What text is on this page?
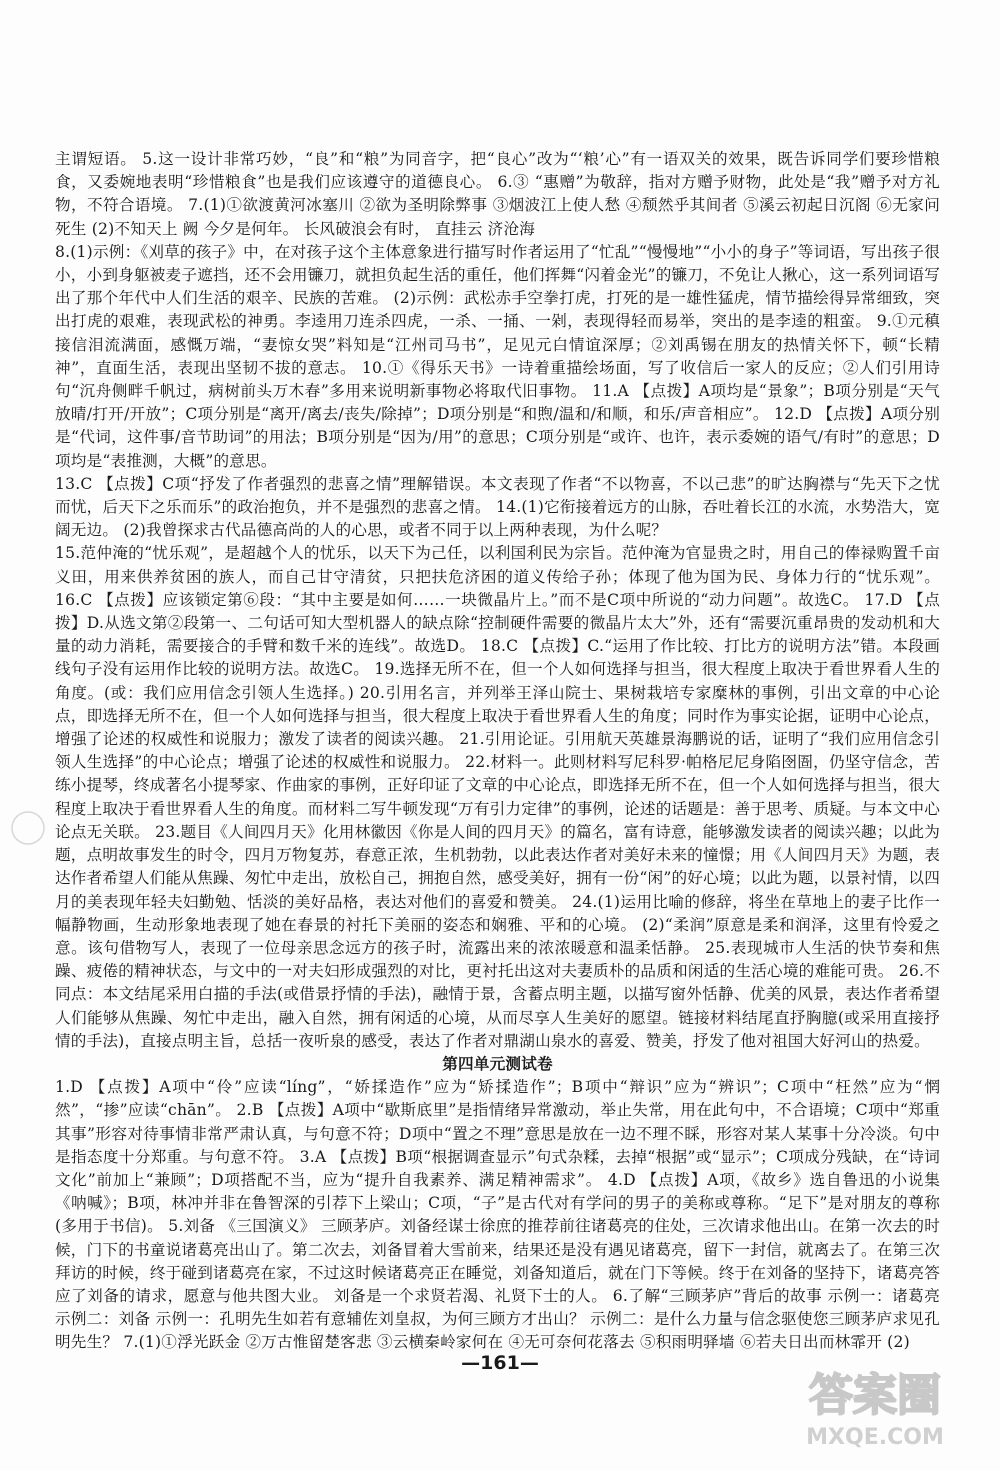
主谓短语。 5.这一设计非常巧妙，“良”和“粮”为同音字，把“良心”改为“‘粮’心”有一语双关的效果，既告诉同学们要珍惜粮食，又委婉地表明“珍惜粮食”也是我们应该遵守的道德良心。 6.③ “惠赠”为敬辞，指对方赠予财物，此处是“我”赠予对方礼物，不符合语境。 7.(1)①欲渡黄河冰塞川 ②欲为圣明除弊事 ③烟波江上使人愁 ④颓然乎其间者 ⑤溪云初起日沉阁 ⑥无家问死生 (2)不知天上 阙 今夕是何年。 长风破浪会有时， 直挂云 济沧海

8.(1)示例：《刈草的孩子》中，在对孩子这个主体意象进行描写时作者运用了“忙乱”“慢慢地”“小小的身子”等词语，写出孩子很小，小到身躯被麦子遮挡，还不会用镰刀，就担负起生活的重任，他们挥舞“闪着金光”的镰刀，不免让人揪心，这一系列词语写出了那个年代中人们生活的艰辛、民族的苦难。 (2)示例：武松赤手空拳打虎，打死的是一雄性猛虎，情节描绘得异常细致，突出打虎的艰难，表现武松的神勇。李逵用刀连杀四虎，一杀、一捅、一剁，表现得轻而易举，突出的是李逵的粗蛮。 9.①元稹接信泪流满面，感慨万端，“妻惊女哭”料知是“江州司马书”，足见元白情谊深厚；②刘禹锡在朋友的热情关怀下，顿“长精神”，直面生活，表现出坚韧不拔的意志。 10.①《得乐天书》一诗着重描绘场面，写了收信后一家人的反应；②人们引用诗句“沉舟侧畔千帆过，病树前头万木春”多用来说明新事物必将取代旧事物。 11.A 【点拨】A项均是“景象”；B项分别是“天气放晴/打开/开放”；C项分别是“离开/离去/丧失/除掉”；D项分别是“和煦/温和/和顺，和乐/声音相应”。 12.D 【点拨】A项分别是“代词，这件事/音节助词”的用法；B项分别是“因为/用”的意思；C项分别是“或许、也许，表示委婉的语气/有时”的意思；D项均是“表推测，大概”的意思。

13.C 【点拨】C项“抒发了作者强烈的悲喜之情”理解错误。本文表现了作者“不以物喜，不以己悲”的旷达胸襟与“先天下之忧而忧，后天下之乐而乐”的政治抱负，并不是强烈的悲喜之情。 14.(1)它衔接着远方的山脉，吞吐着长江的水流，水势浩大，宽阔无边。 (2)我曾探求古代品德高尚的人的心思，或者不同于以上两种表现，为什么呢？

15.范仲淹的“忧乐观”，是超越个人的忧乐，以天下为己任，以利国利民为宗旨。范仲淹为官显贵之时，用自己的俸禄购置千亩义田，用来供养贫困的族人，而自己甘守清贫，只把扶危济困的道义传给子孙；体现了他为国为民、身体力行的“忧乐观”。 16.C 【点拨】应该锁定第⑥段：“其中主要是如何……一块微晶片上。”而不是C项中所说的“动力问题”。故选C。 17.D 【点拨】D.从选文第②段第一、二句话可知大型机器人的缺点除“控制硬件需要的微晶片太大”外，还有“需要沉重昂贵的发动机和大量的动力消耗，需要接合的手臂和数千米的连线”。故选D。 18.C 【点拨】C.“运用了作比较、打比方的说明方法”错。本段画线句子没有运用作比较的说明方法。故选C。 19.选择无所不在，但一个人如何选择与担当，很大程度上取决于看世界看人生的角度。(或：我们应用信念引领人生选择。) 20.引用名言，并列举王泽山院士、果树栽培专家糜林的事例，引出文章的中心论点，即选择无所不在，但一个人如何选择与担当，很大程度上取决于看世界看人生的角度；同时作为事实论据，证明中心论点，增强了论述的权威性和说服力；激发了读者的阅读兴趣。 21.引用论证。引用航天英雄景海鹏说的话，证明了“我们应用信念引领人生选择”的中心论点；增强了论述的权威性和说服力。 22.材料一。此则材料写尼科罗·帕格尼尼身陷囹圄，仍坚守信念，苦练小提琴，终成著名小提琴家、作曲家的事例，正好印证了文章的中心论点，即选择无所不在，但一个人如何选择与担当，很大程度上取决于看世界看人生的角度。而材料二写牛顿发现“万有引力定律”的事例，论述的话题是：善于思考、质疑。与本文中心论点无关联。 23.题目《人间四月天》化用林徽因《你是人间的四月天》的篇名，富有诗意，能够激发读者的阅读兴趣；以此为题，点明故事发生的时令，四月万物复苏，春意正浓，生机勃勃，以此表达作者对美好未来的憧憬；用《人间四月天》为题，表达作者希望人们能从焦躁、匆忙中走出，放松自己，拥抱自然，感受美好，拥有一份“闲”的好心境；以此为题，以景衬情，以四月的美表现年轻夫妇勤勉、恬淡的美好品格，表达对他们的喜爱和赞美。 24.(1)运用比喻的修辞，将坐在草地上的妻子比作一幅静物画，生动形象地表现了她在春景的衬托下美丽的姿态和娴雅、平和的心境。 (2)“柔润”原意是柔和润泽，这里有怜爱之意。该句借物写人，表现了一位母亲思念远方的孩子时，流露出来的浓浓暖意和温柔恬静。 25.表现城市人生活的快节奏和焦躁、疲倦的精神状态，与文中的一对夫妇形成强烈的对比，更衬托出这对夫妻质朴的品质和闲适的生活心境的难能可贵。 26.不同点：本文结尾采用白描的手法(或借景抒情的手法)，融情于景，含蓄点明主题，以描写窗外恬静、优美的风景，表达作者希望人们能够从焦躁、匆忙中走出，融入自然，拥有闲适的心境，从而尽享人生美好的愿望。链接材料结尾直抒胸臆(或采用直接抒情的手法)，直接点明主旨，总括一夜听泉的感受，表达了作者对鼎湖山泉水的喜爱、赞美，抒发了他对祖国大好河山的热爱。

第四单元测试卷

1.D 【点拨】A项中“伶”应读“líng”，“娇揉造作”应为“矫揉造作”；B项中“辩识”应为“辨识”；C项中“枉然”应为“惘然”，“掺”应读“chān”。 2.B 【点拨】A项中“歇斯底里”是指情绪异常激动，举止失常，用在此句中，不合语境；C项中“郑重其事”形容对待事情非常严肃认真，与句意不符；D项中“置之不理”意思是放在一边不理不睬，形容对某人某事十分冷淡。句中是指态度十分郑重。与句意不符。 3.A 【点拨】B项“根据调查显示”句式杂糅，去掉“根据”或“显示”；C项成分残缺，在“诗词文化”前加上“兼顾”；D项搭配不当，应为“提升自我素养、满足精神需求”。 4.D 【点拨】A项，《故乡》选自鲁迅的小说集《呐喊》；B项，林冲并非在鲁智深的引荐下上梁山；C项，“子”是古代对有学问的男子的美称或尊称。“足下”是对朋友的尊称(多用于书信)。 5.刘备 《三国演义》 三顾茅庐。刘备经谋士徐庶的推荐前往诸葛亮的住处，三次请求他出山。在第一次去的时候，门下的书童说诸葛亮出山了。第二次去，刘备冒着大雪前来，结果还是没有遇见诸葛亮，留下一封信，就离去了。在第三次拜访的时候，终于碰到诸葛亮在家，不过这时候诸葛亮正在睡觉，刘备知道后，就在门下等候。终于在刘备的坚持下，诸葛亮答应了刘备的请求，愿意与他共图大业。 刘备是一个求贤若渴、礼贤下士的人。 6.了解“三顾茅庐”背后的故事 示例一：诸葛亮 示例二：刘备 示例一：孔明先生如若有意辅佐刘皇叔，为何三顾方才出山？ 示例二：是什么力量与信念驱使您三顾茅庐求见孔明先生？ 7.(1)①浮光跃金 ②万古惟留楚客悲 ③云横秦岭家何在 ④无可奈何花落去 ⑤积雨明驿墙 ⑥若夫日出而林霏开 (2)

—161—
答案圈
MXQE.COM
